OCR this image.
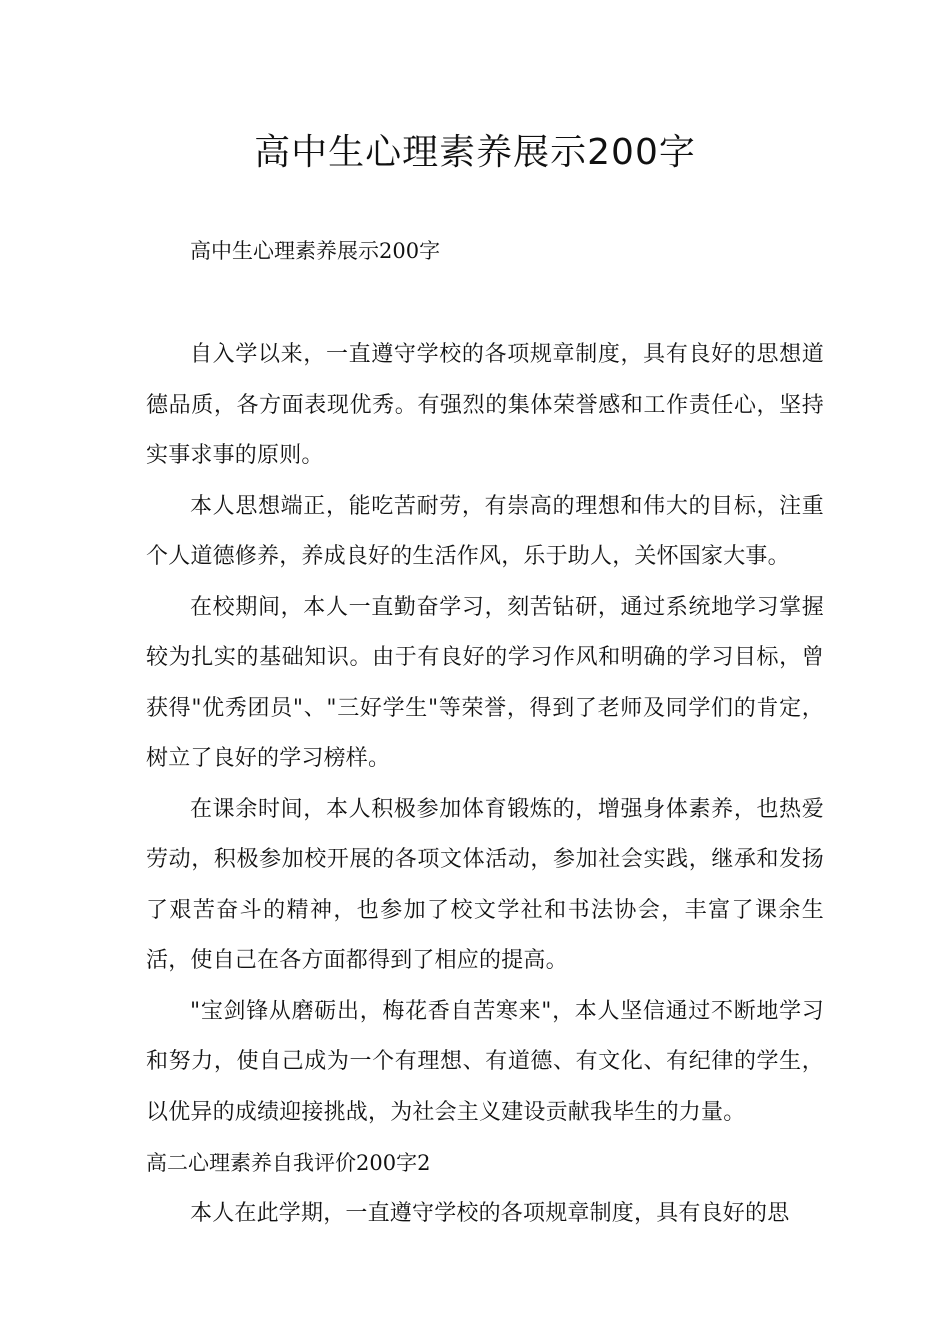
高中生心理素养展示200字

高中生心理素养展示200字

自入学以来，一直遵守学校的各项规章制度，具有良好的思想道德品质，各方面表现优秀。有强烈的集体荣誉感和工作责任心，坚持实事求事的原则。

本人思想端正，能吃苦耐劳，有崇高的理想和伟大的目标，注重个人道德修养，养成良好的生活作风，乐于助人，关怀国家大事。

在校期间，本人一直勤奋学习，刻苦钻研，通过系统地学习掌握较为扎实的基础知识。由于有良好的学习作风和明确的学习目标，曾获得"优秀团员"、"三好学生"等荣誉，得到了老师及同学们的肯定，树立了良好的学习榜样。

在课余时间，本人积极参加体育锻炼的，增强身体素养，也热爱劳动，积极参加校开展的各项文体活动，参加社会实践，继承和发扬了艰苦奋斗的精神，也参加了校文学社和书法协会，丰富了课余生活，使自己在各方面都得到了相应的提高。

"宝剑锋从磨砺出，梅花香自苦寒来"，本人坚信通过不断地学习和努力，使自己成为一个有理想、有道德、有文化、有纪律的学生，以优异的成绩迎接挑战，为社会主义建设贡献我毕生的力量。

高二心理素养自我评价200字2

本人在此学期，一直遵守学校的各项规章制度，具有良好的思
